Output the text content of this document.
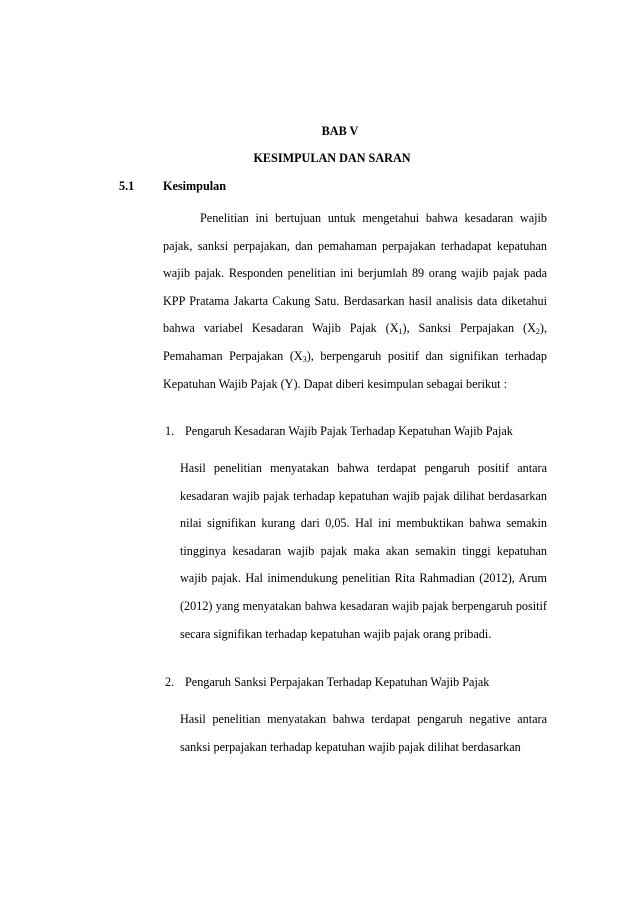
BAB V
KESIMPULAN DAN SARAN
5.1 Kesimpulan

Penelitian ini bertujuan untuk mengetahui bahwa kesadaran wajib pajak, sanksi perpajakan, dan pemahaman perpajakan terhadapat kepatuhan wajib pajak. Responden penelitian ini berjumlah 89 orang wajib pajak pada KPP Pratama Jakarta Cakung Satu. Berdasarkan hasil analisis data diketahui bahwa variabel Kesadaran Wajib Pajak $(X_1)$, Sanksi Perpajakan $(X_2)$, Pemahaman Perpajakan $(X_3)$, berpengaruh positif dan signifikan terhadap Kepatuhan Wajib Pajak (Y). Dapat diberi kesimpulan sebagai berikut :

1. Pengaruh Kesadaran Wajib Pajak Terhadap Kepatuhan Wajib Pajak

Hasil penelitian menyatakan bahwa terdapat pengaruh positif antara kesadaran wajib pajak terhadap kepatuhan wajib pajak dilihat berdasarkan nilai signifikan kurang dari 0,05. Hal ini membuktikan bahwa semakin tingginya kesadaran wajib pajak maka akan semakin tinggi kepatuhan wajib pajak. Hal inimendukung penelitian Rita Rahmadian (2012), Arum (2012) yang menyatakan bahwa kesadaran wajib pajak berpengaruh positif secara signifikan terhadap kepatuhan wajib pajak orang pribadi.

2. Pengaruh Sanksi Perpajakan Terhadap Kepatuhan Wajib Pajak

Hasil penelitian menyatakan bahwa terdapat pengaruh negative antara sanksi perpajakan terhadap kepatuhan wajib pajak dilihat berdasarkan
